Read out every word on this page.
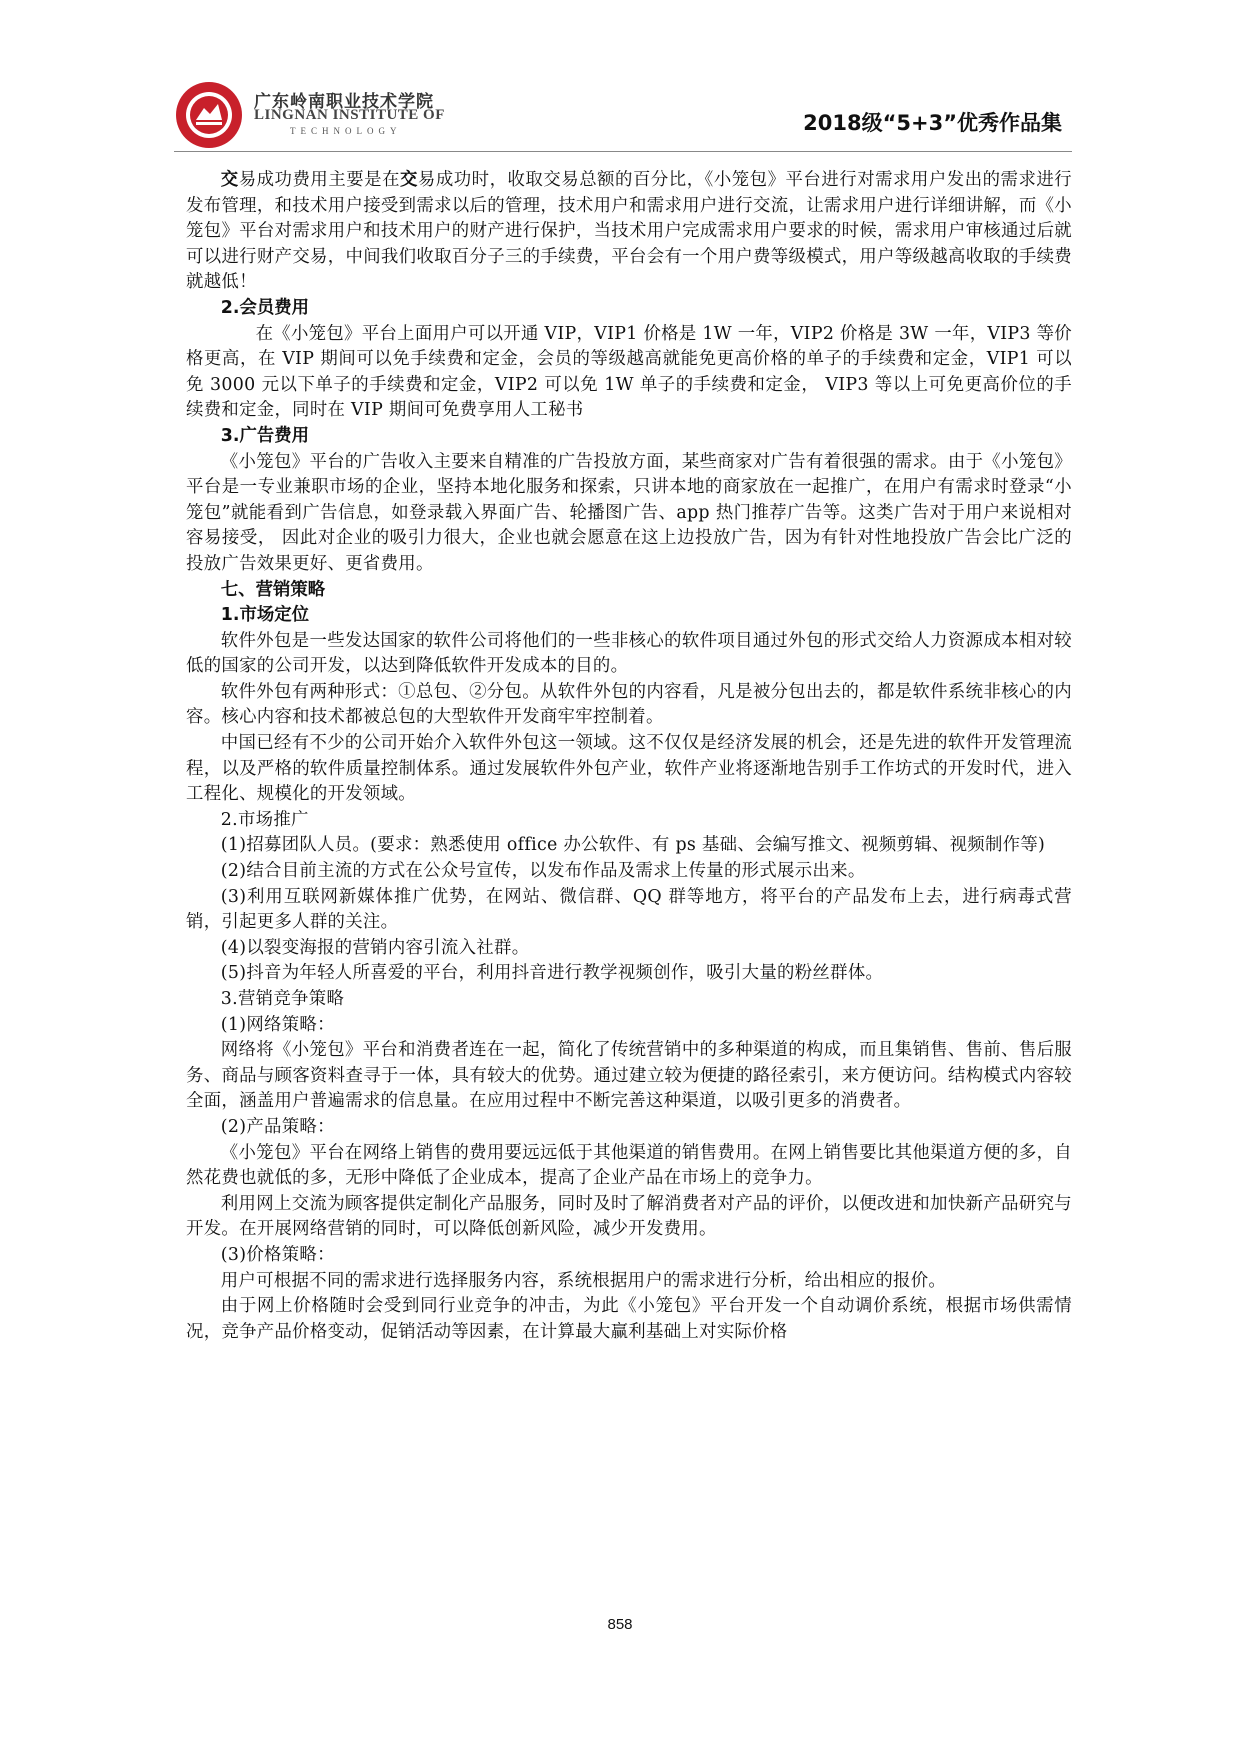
广东岭南职业技术学院
LINGNAN INSTITUTE OF
TECHNOLOGY	2018级“5+3”优秀作品集

交易成功费用主要是在交易成功时，收取交易总额的百分比，《小笼包》平台进行对需求用户发出的需求进行发布管理，和技术用户接受到需求以后的管理，技术用户和需求用户进行交流，让需求用户进行详细讲解，而《小笼包》平台对需求用户和技术用户的财产进行保护，当技术用户完成需求用户要求的时候，需求用户审核通过后就可以进行财产交易，中间我们收取百分子三的手续费，平台会有一个用户费等级模式，用户等级越高收取的手续费就越低！

2.会员费用

在《小笼包》平台上面用户可以开通 VIP，VIP1 价格是 1W 一年，VIP2 价格是 3W 一年，VIP3 等价格更高，在 VIP 期间可以免手续费和定金，会员的等级越高就能免更高价格的单子的手续费和定金，VIP1 可以免 3000 元以下单子的手续费和定金，VIP2 可以免 1W 单子的手续费和定金， VIP3 等以上可免更高价位的手续费和定金，同时在 VIP 期间可免费享用人工秘书

3.广告费用

《小笼包》平台的广告收入主要来自精准的广告投放方面，某些商家对广告有着很强的需求。由于《小笼包》平台是一专业兼职市场的企业，坚持本地化服务和探索，只讲本地的商家放在一起推广，在用户有需求时登录“小笼包”就能看到广告信息，如登录载入界面广告、轮播图广告、app 热门推荐广告等。这类广告对于用户来说相对容易接受， 因此对企业的吸引力很大，企业也就会愿意在这上边投放广告，因为有针对性地投放广告会比广泛的投放广告效果更好、更省费用。

七、营销策略

1.市场定位

软件外包是一些发达国家的软件公司将他们的一些非核心的软件项目通过外包的形式交给人力资源成本相对较低的国家的公司开发，以达到降低软件开发成本的目的。

软件外包有两种形式：①总包、②分包。从软件外包的内容看，凡是被分包出去的，都是软件系统非核心的内容。核心内容和技术都被总包的大型软件开发商牢牢控制着。

中国已经有不少的公司开始介入软件外包这一领域。这不仅仅是经济发展的机会，还是先进的软件开发管理流程，以及严格的软件质量控制体系。通过发展软件外包产业，软件产业将逐渐地告别手工作坊式的开发时代，进入工程化、规模化的开发领域。

2.市场推广

(1)招募团队人员。(要求：熟悉使用 office 办公软件、有 ps 基础、会编写推文、视频剪辑、视频制作等)

(2)结合目前主流的方式在公众号宣传，以发布作品及需求上传量的形式展示出来。

(3)利用互联网新媒体推广优势，在网站、微信群、QQ 群等地方，将平台的产品发布上去，进行病毒式营销，引起更多人群的关注。

(4)以裂变海报的营销内容引流入社群。

(5)抖音为年轻人所喜爱的平台，利用抖音进行教学视频创作，吸引大量的粉丝群体。

3.营销竞争策略

(1)网络策略：

网络将《小笼包》平台和消费者连在一起，简化了传统营销中的多种渠道的构成，而且集销售、售前、售后服务、商品与顾客资料查寻于一体，具有较大的优势。通过建立较为便捷的路径索引，来方便访问。结构模式内容较全面，涵盖用户普遍需求的信息量。在应用过程中不断完善这种渠道，以吸引更多的消费者。

(2)产品策略：

《小笼包》平台在网络上销售的费用要远远低于其他渠道的销售费用。在网上销售要比其他渠道方便的多，自然花费也就低的多，无形中降低了企业成本，提高了企业产品在市场上的竞争力。

利用网上交流为顾客提供定制化产品服务，同时及时了解消费者对产品的评价，以便改进和加快新产品研究与开发。在开展网络营销的同时，可以降低创新风险，减少开发费用。

(3)价格策略：

用户可根据不同的需求进行选择服务内容，系统根据用户的需求进行分析，给出相应的报价。

由于网上价格随时会受到同行业竞争的冲击，为此《小笼包》平台开发一个自动调价系统，根据市场供需情况，竞争产品价格变动，促销活动等因素，在计算最大赢利基础上对实际价格

858
